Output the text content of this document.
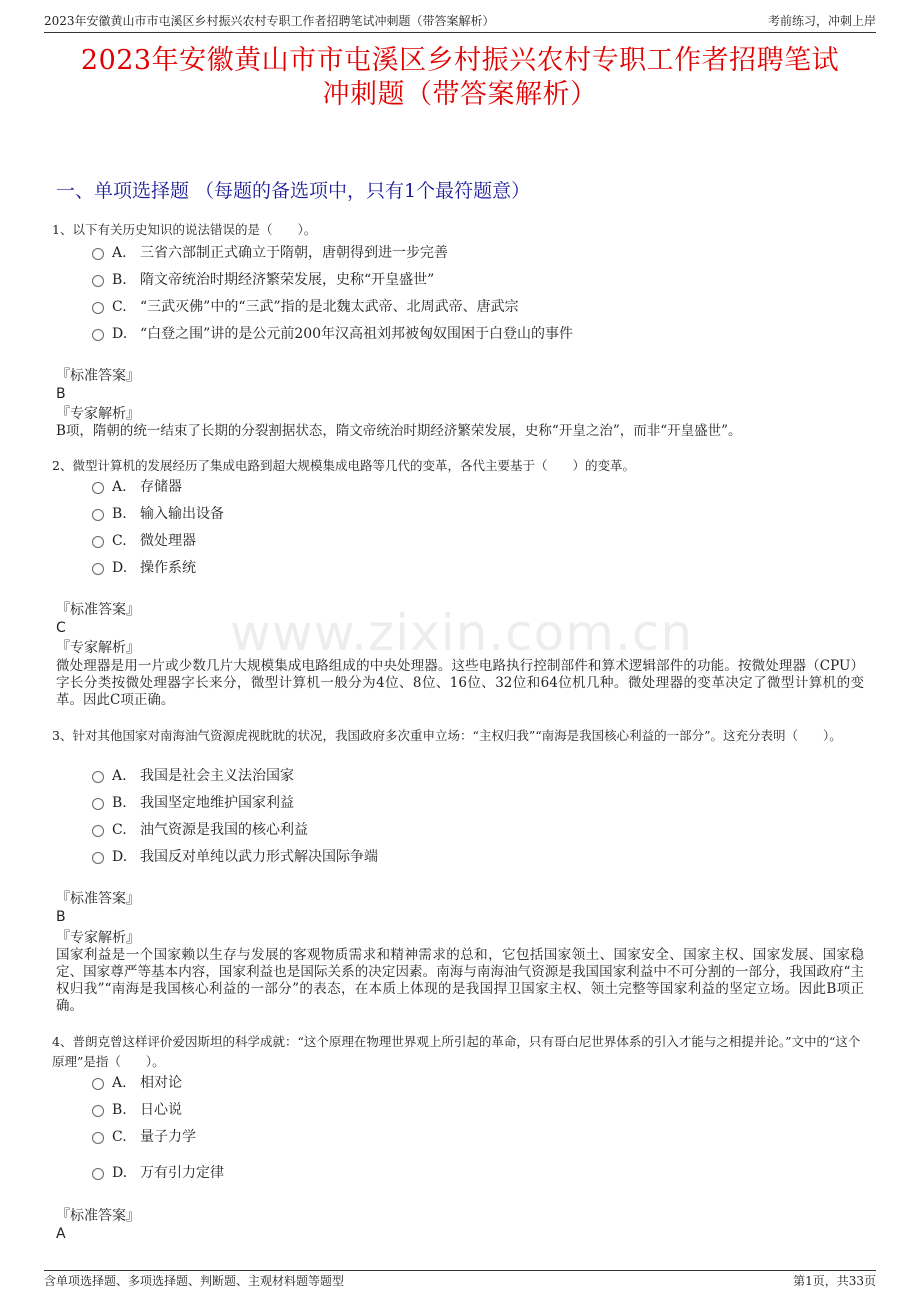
2023年安徽黄山市市屯溪区乡村振兴农村专职工作者招聘笔试冲刺题（带答案解析）	考前练习，冲刺上岸
2023年安徽黄山市市屯溪区乡村振兴农村专职工作者招聘笔试
冲刺题（带答案解析）
一、单项选择题 （每题的备选项中，只有1个最符题意）
www.zixin.com.cn
1、以下有关历史知识的说法错误的是（　　）。
A. 三省六部制正式确立于隋朝，唐朝得到进一步完善
B. 隋文帝统治时期经济繁荣发展，史称“开皇盛世”
C. “三武灭佛”中的“三武”指的是北魏太武帝、北周武帝、唐武宗
D. “白登之围”讲的是公元前200年汉高祖刘邦被匈奴围困于白登山的事件
『标准答案』
B
『专家解析』
B项，隋朝的统一结束了长期的分裂割据状态，隋文帝统治时期经济繁荣发展，史称“开皇之治”，而非“开皇盛世”。
2、微型计算机的发展经历了集成电路到超大规模集成电路等几代的变革，各代主要基于（　　）的变革。
A. 存储器
B. 输入输出设备
C. 微处理器
D. 操作系统
『标准答案』
C
『专家解析』
微处理器是用一片或少数几片大规模集成电路组成的中央处理器。这些电路执行控制部件和算术逻辑部件的功能。按微处理器（CPU）字长分类按微处理器字长来分，微型计算机一般分为4位、8位、16位、32位和64位机几种。微处理器的变革决定了微型计算机的变革。因此C项正确。
3、针对其他国家对南海油气资源虎视眈眈的状况，我国政府多次重申立场：“主权归我”“南海是我国核心利益的一部分”。这充分表明（　　）。
A. 我国是社会主义法治国家
B. 我国坚定地维护国家利益
C. 油气资源是我国的核心利益
D. 我国反对单纯以武力形式解决国际争端
『标准答案』
B
『专家解析』
国家利益是一个国家赖以生存与发展的客观物质需求和精神需求的总和，它包括国家领土、国家安全、国家主权、国家发展、国家稳定、国家尊严等基本内容，国家利益也是国际关系的决定因素。南海与南海油气资源是我国国家利益中不可分割的一部分，我国政府“主权归我”“南海是我国核心利益的一部分”的表态，在本质上体现的是我国捍卫国家主权、领土完整等国家利益的坚定立场。因此B项正确。
4、普朗克曾这样评价爱因斯坦的科学成就：“这个原理在物理世界观上所引起的革命，只有哥白尼世界体系的引入才能与之相提并论。”文中的“这个原理”是指（　　）。
A. 相对论
B. 日心说
C. 量子力学
D. 万有引力定律
『标准答案』
A
含单项选择题、多项选择题、判断题、主观材料题等题型	第1页，共33页
